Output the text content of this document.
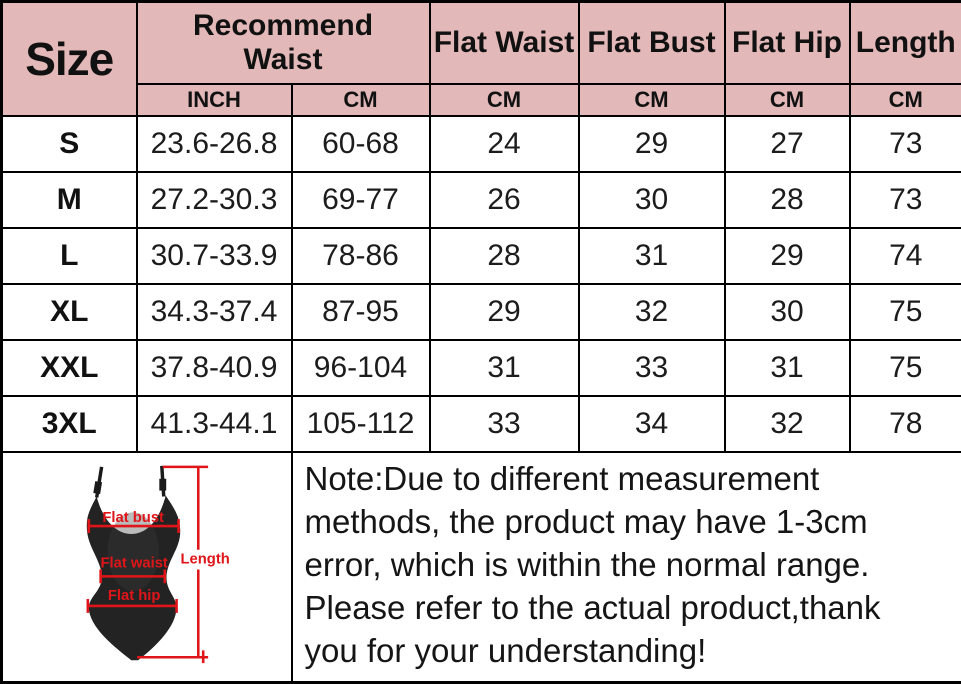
Size	Recommend Waist		Flat Waist	Flat Bust	Flat Hip	Length
	INCH	CM	CM	CM	CM	CM
S	23.6-26.8	60-68	24	29	27	73
M	27.2-30.3	69-77	26	30	28	73
L	30.7-33.9	78-86	28	31	29	74
XL	34.3-37.4	87-95	29	32	30	75
XXL	37.8-40.9	96-104	31	33	31	75
3XL	41.3-44.1	105-112	33	34	32	78

Flat bust
Flat waist
Flat hip
Length

Note:Due to different measurement
methods, the product may have 1-3cm
error, which is within the normal range.
Please refer to the actual product,thank
you for your understanding!
